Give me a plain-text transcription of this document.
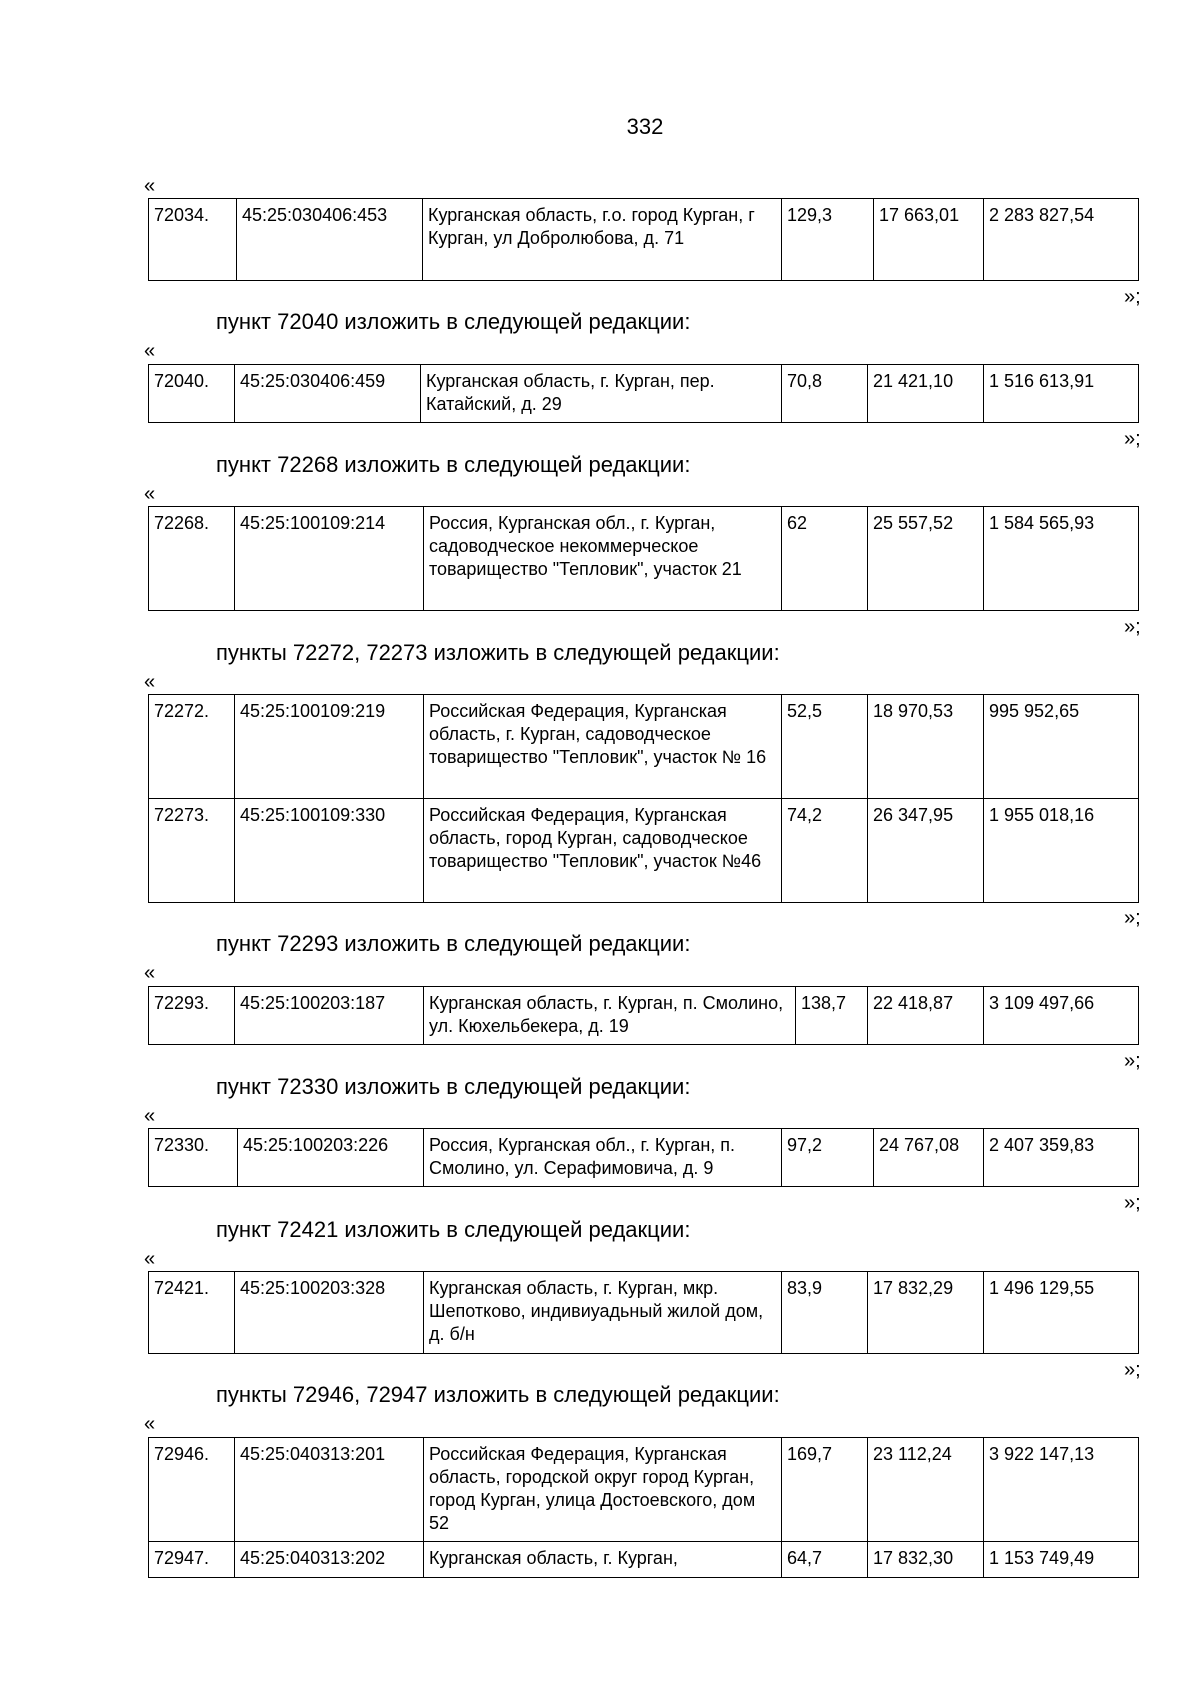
332
«
72034.	45:25:030406:453	Курганская область, г.о. город Курган, г Курган, ул Добролюбова, д. 71	129,3	17 663,01	2 283 827,54
»;
пункт 72040 изложить в следующей редакции:
«
72040.	45:25:030406:459	Курганская область, г. Курган, пер. Катайский, д. 29	70,8	21 421,10	1 516 613,91
»;
пункт 72268 изложить в следующей редакции:
«
72268.	45:25:100109:214	Россия, Курганская обл., г. Курган, садоводческое некоммерческое товарищество "Тепловик", участок 21	62	25 557,52	1 584 565,93
»;
пункты 72272, 72273 изложить в следующей редакции:
«
72272.	45:25:100109:219	Российская Федерация, Курганская область, г. Курган, садоводческое товарищество "Тепловик", участок № 16	52,5	18 970,53	995 952,65
72273.	45:25:100109:330	Российская Федерация, Курганская область, город Курган, садоводческое товарищество "Тепловик", участок №46	74,2	26 347,95	1 955 018,16
»;
пункт 72293 изложить в следующей редакции:
«
72293.	45:25:100203:187	Курганская область, г. Курган, п. Смолино, ул. Кюхельбекера, д. 19	138,7	22 418,87	3 109 497,66
»;
пункт 72330 изложить в следующей редакции:
«
72330.	45:25:100203:226	Россия, Курганская обл., г. Курган, п. Смолино, ул. Серафимовича, д. 9	97,2	24 767,08	2 407 359,83
»;
пункт 72421 изложить в следующей редакции:
«
72421.	45:25:100203:328	Курганская область, г. Курган, мкр. Шепотково, индивиуадьный жилой дом, д. б/н	83,9	17 832,29	1 496 129,55
»;
пункты 72946, 72947 изложить в следующей редакции:
«
72946.	45:25:040313:201	Российская Федерация, Курганская область, городской округ город Курган, город Курган, улица Достоевского, дом 52	169,7	23 112,24	3 922 147,13
72947.	45:25:040313:202	Курганская область, г. Курган,	64,7	17 832,30	1 153 749,49
